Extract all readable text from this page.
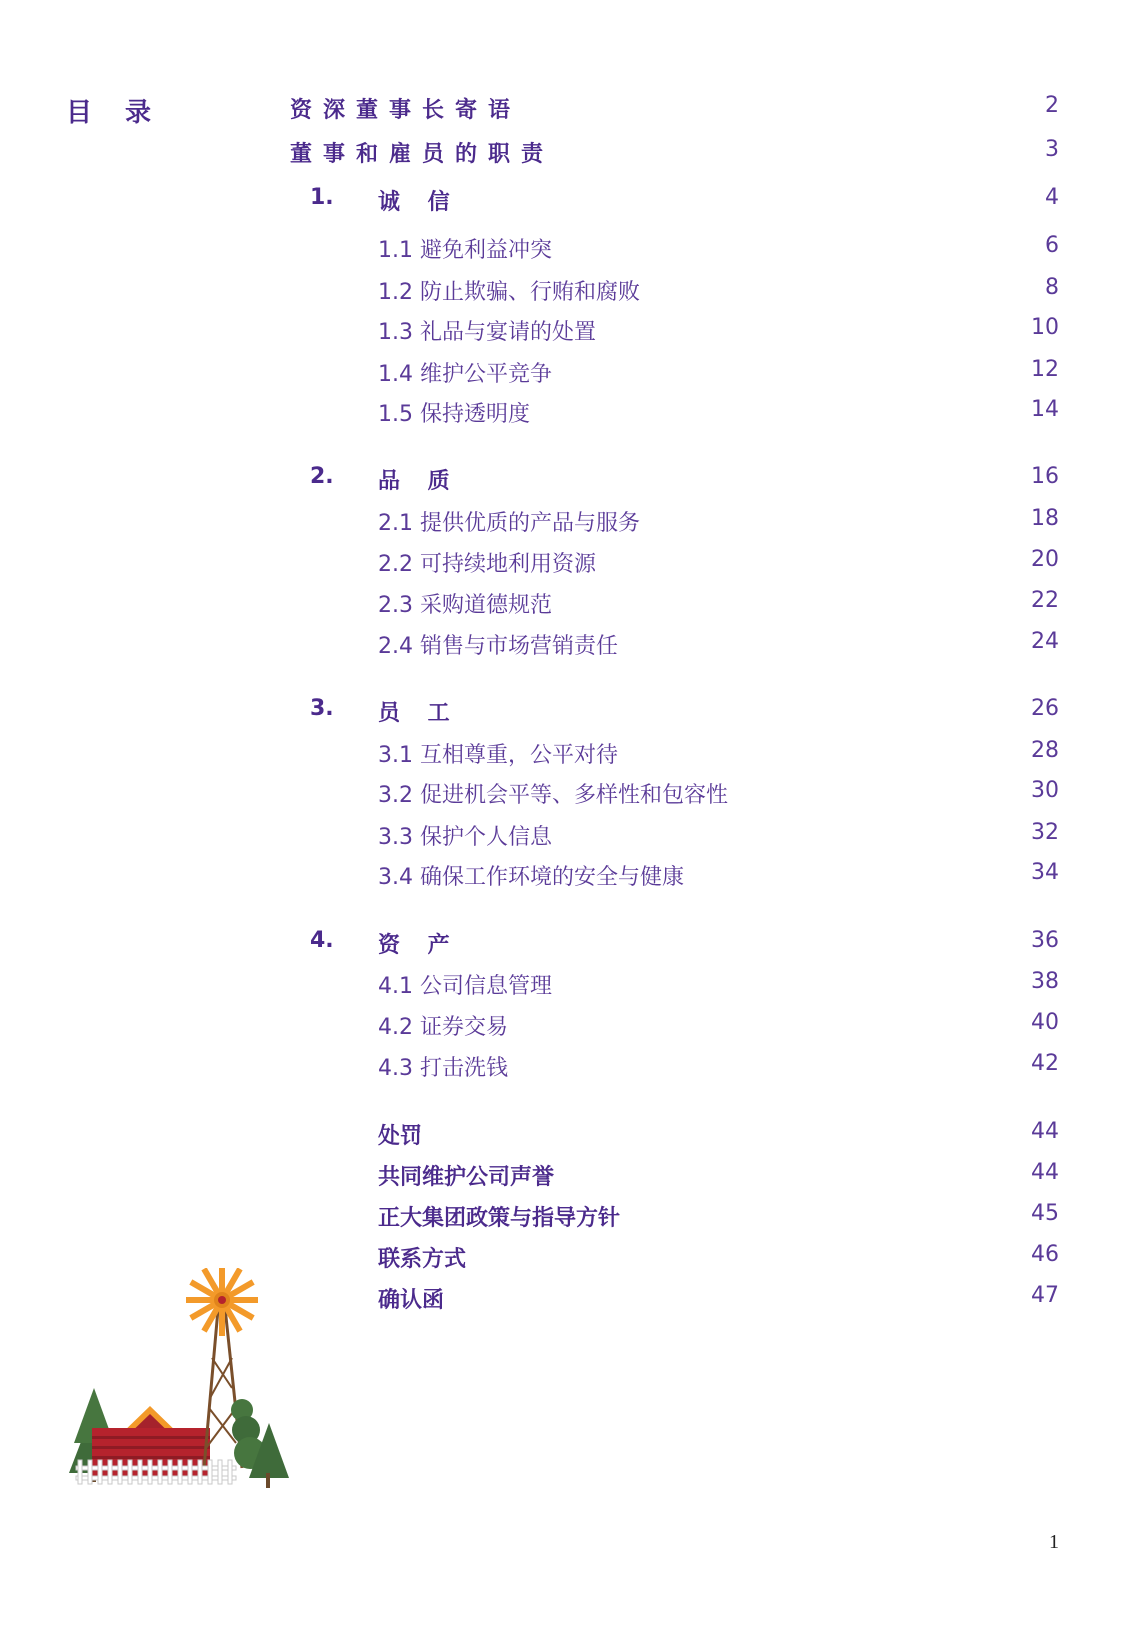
目 录	资深董事长寄语	2
董事和雇员的职责	3
1. 诚 信	4
1.1 避免利益冲突	6
1.2 防止欺骗、行贿和腐败	8
1.3 礼品与宴请的处置	10
1.4 维护公平竞争	12
1.5 保持透明度	14
2. 品 质	16
2.1 提供优质的产品与服务	18
2.2 可持续地利用资源	20
2.3 采购道德规范	22
2.4 销售与市场营销责任	24
3. 员 工	26
3.1 互相尊重，公平对待	28
3.2 促进机会平等、多样性和包容性	30
3.3 保护个人信息	32
3.4 确保工作环境的安全与健康	34
4. 资 产	36
4.1 公司信息管理	38
4.2 证券交易	40
4.3 打击洗钱	42
处罚	44
共同维护公司声誉	44
正大集团政策与指导方针	45
联系方式	46
确认函	47
1
